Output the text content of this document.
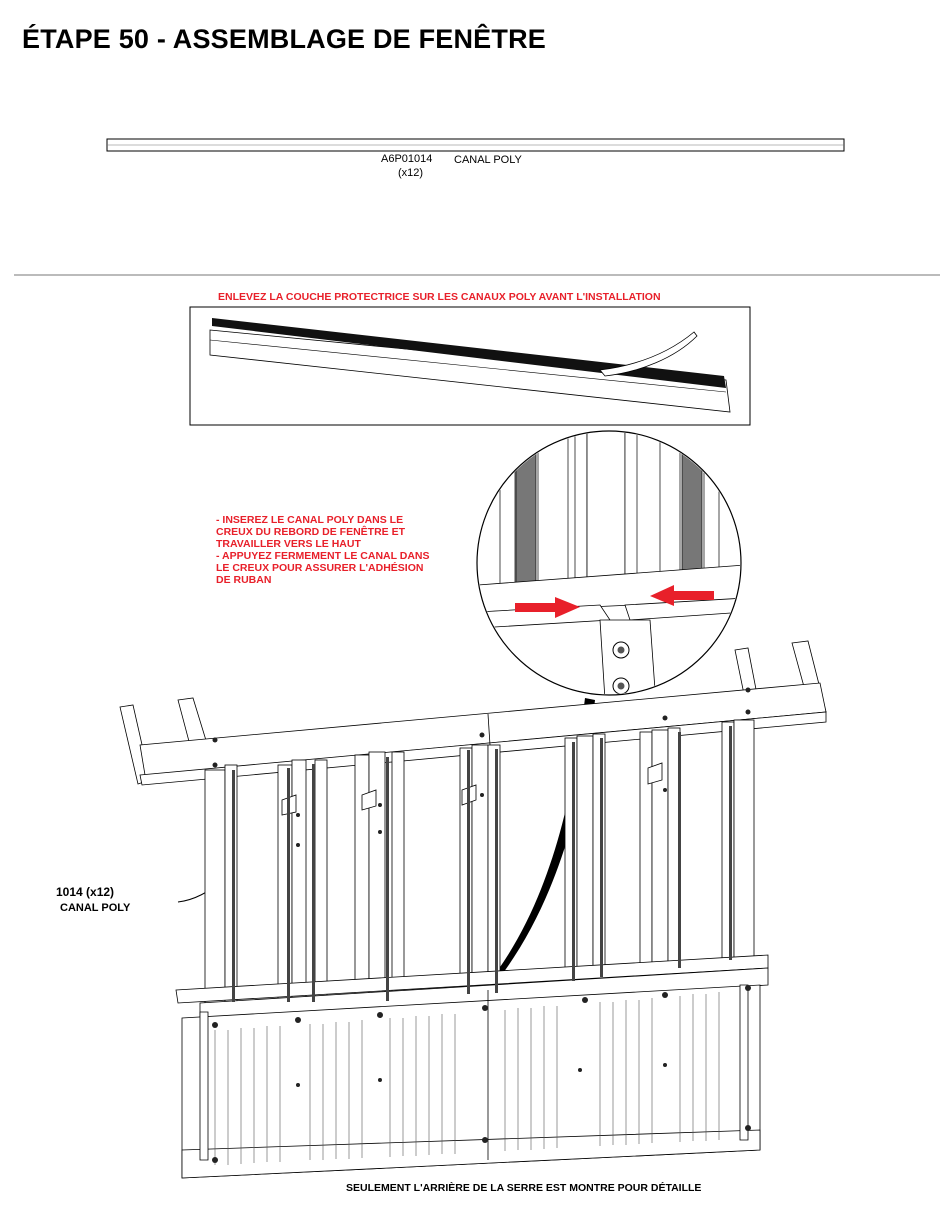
ÉTAPE 50 - ASSEMBLAGE DE FENÊTRE
A6P01014
(x12)
CANAL POLY
ENLEVEZ LA COUCHE PROTECTRICE SUR LES CANAUX POLY AVANT L'INSTALLATION
- INSEREZ LE CANAL POLY DANS LE
CREUX DU REBORD DE FENÊTRE ET
TRAVAILLER VERS LE HAUT
- APPUYEZ FERMEMENT LE CANAL DANS
LE CREUX POUR ASSURER L'ADHÉSION
DE RUBAN
1014 (x12)
CANAL POLY
SEULEMENT L'ARRIÈRE DE LA SERRE EST MONTRE POUR DÉTAILLE
